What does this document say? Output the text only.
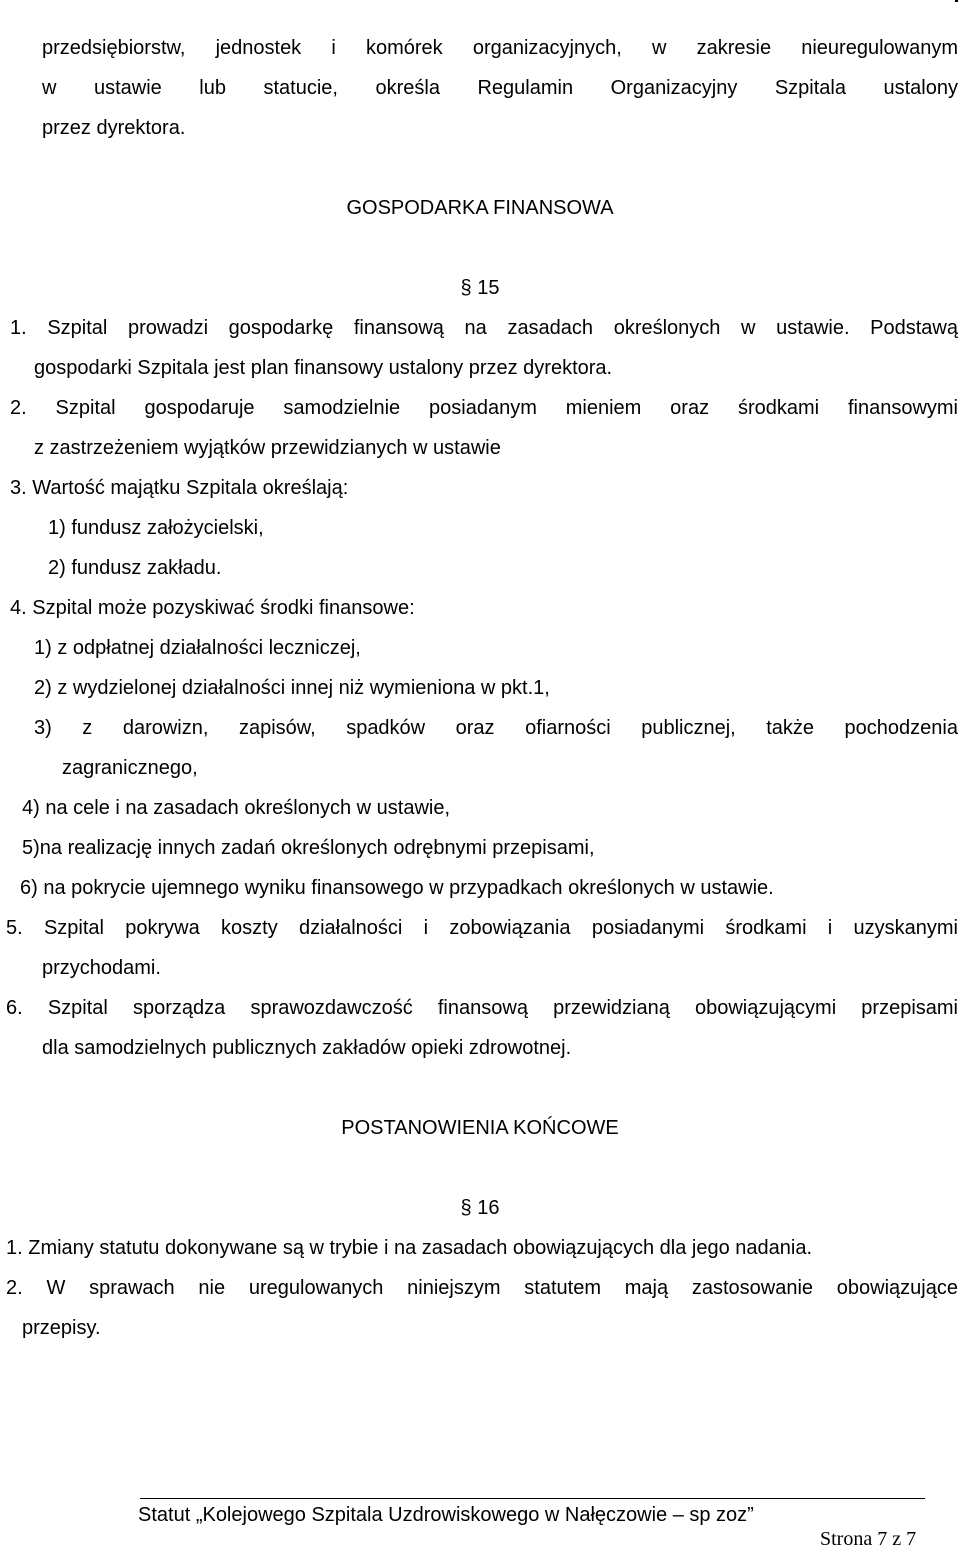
przedsiębiorstw, jednostek i komórek organizacyjnych, w zakresie nieuregulowanym
w ustawie lub statucie, określa Regulamin Organizacyjny Szpitala ustalony
przez dyrektora.
GOSPODARKA FINANSOWA
§ 15
1. Szpital prowadzi gospodarkę finansową na zasadach określonych w ustawie. Podstawą
gospodarki Szpitala jest plan finansowy ustalony przez dyrektora.
2. Szpital gospodaruje samodzielnie posiadanym mieniem oraz środkami finansowymi
z zastrzeżeniem wyjątków przewidzianych w ustawie
3. Wartość majątku Szpitala określają:
1) fundusz założycielski,
2) fundusz zakładu.
4. Szpital może pozyskiwać środki finansowe:
1) z odpłatnej działalności leczniczej,
2) z wydzielonej działalności innej niż wymieniona w pkt.1,
3) z darowizn, zapisów, spadków oraz ofiarności publicznej, także pochodzenia
zagranicznego,
4) na cele i na zasadach określonych w ustawie,
5)na realizację innych zadań określonych odrębnymi przepisami,
6) na pokrycie ujemnego wyniku finansowego w przypadkach określonych w ustawie.
5. Szpital pokrywa koszty działalności i zobowiązania posiadanymi środkami i uzyskanymi
przychodami.
6. Szpital sporządza sprawozdawczość finansową przewidzianą obowiązującymi przepisami
dla samodzielnych publicznych zakładów opieki zdrowotnej.
POSTANOWIENIA KOŃCOWE
§ 16
1. Zmiany statutu dokonywane są w trybie i na zasadach obowiązujących dla jego nadania.
2. W sprawach nie uregulowanych niniejszym statutem mają zastosowanie obowiązujące
przepisy.
Statut „Kolejowego Szpitala Uzdrowiskowego w Nałęczowie – sp zoz”
Strona 7 z 7
